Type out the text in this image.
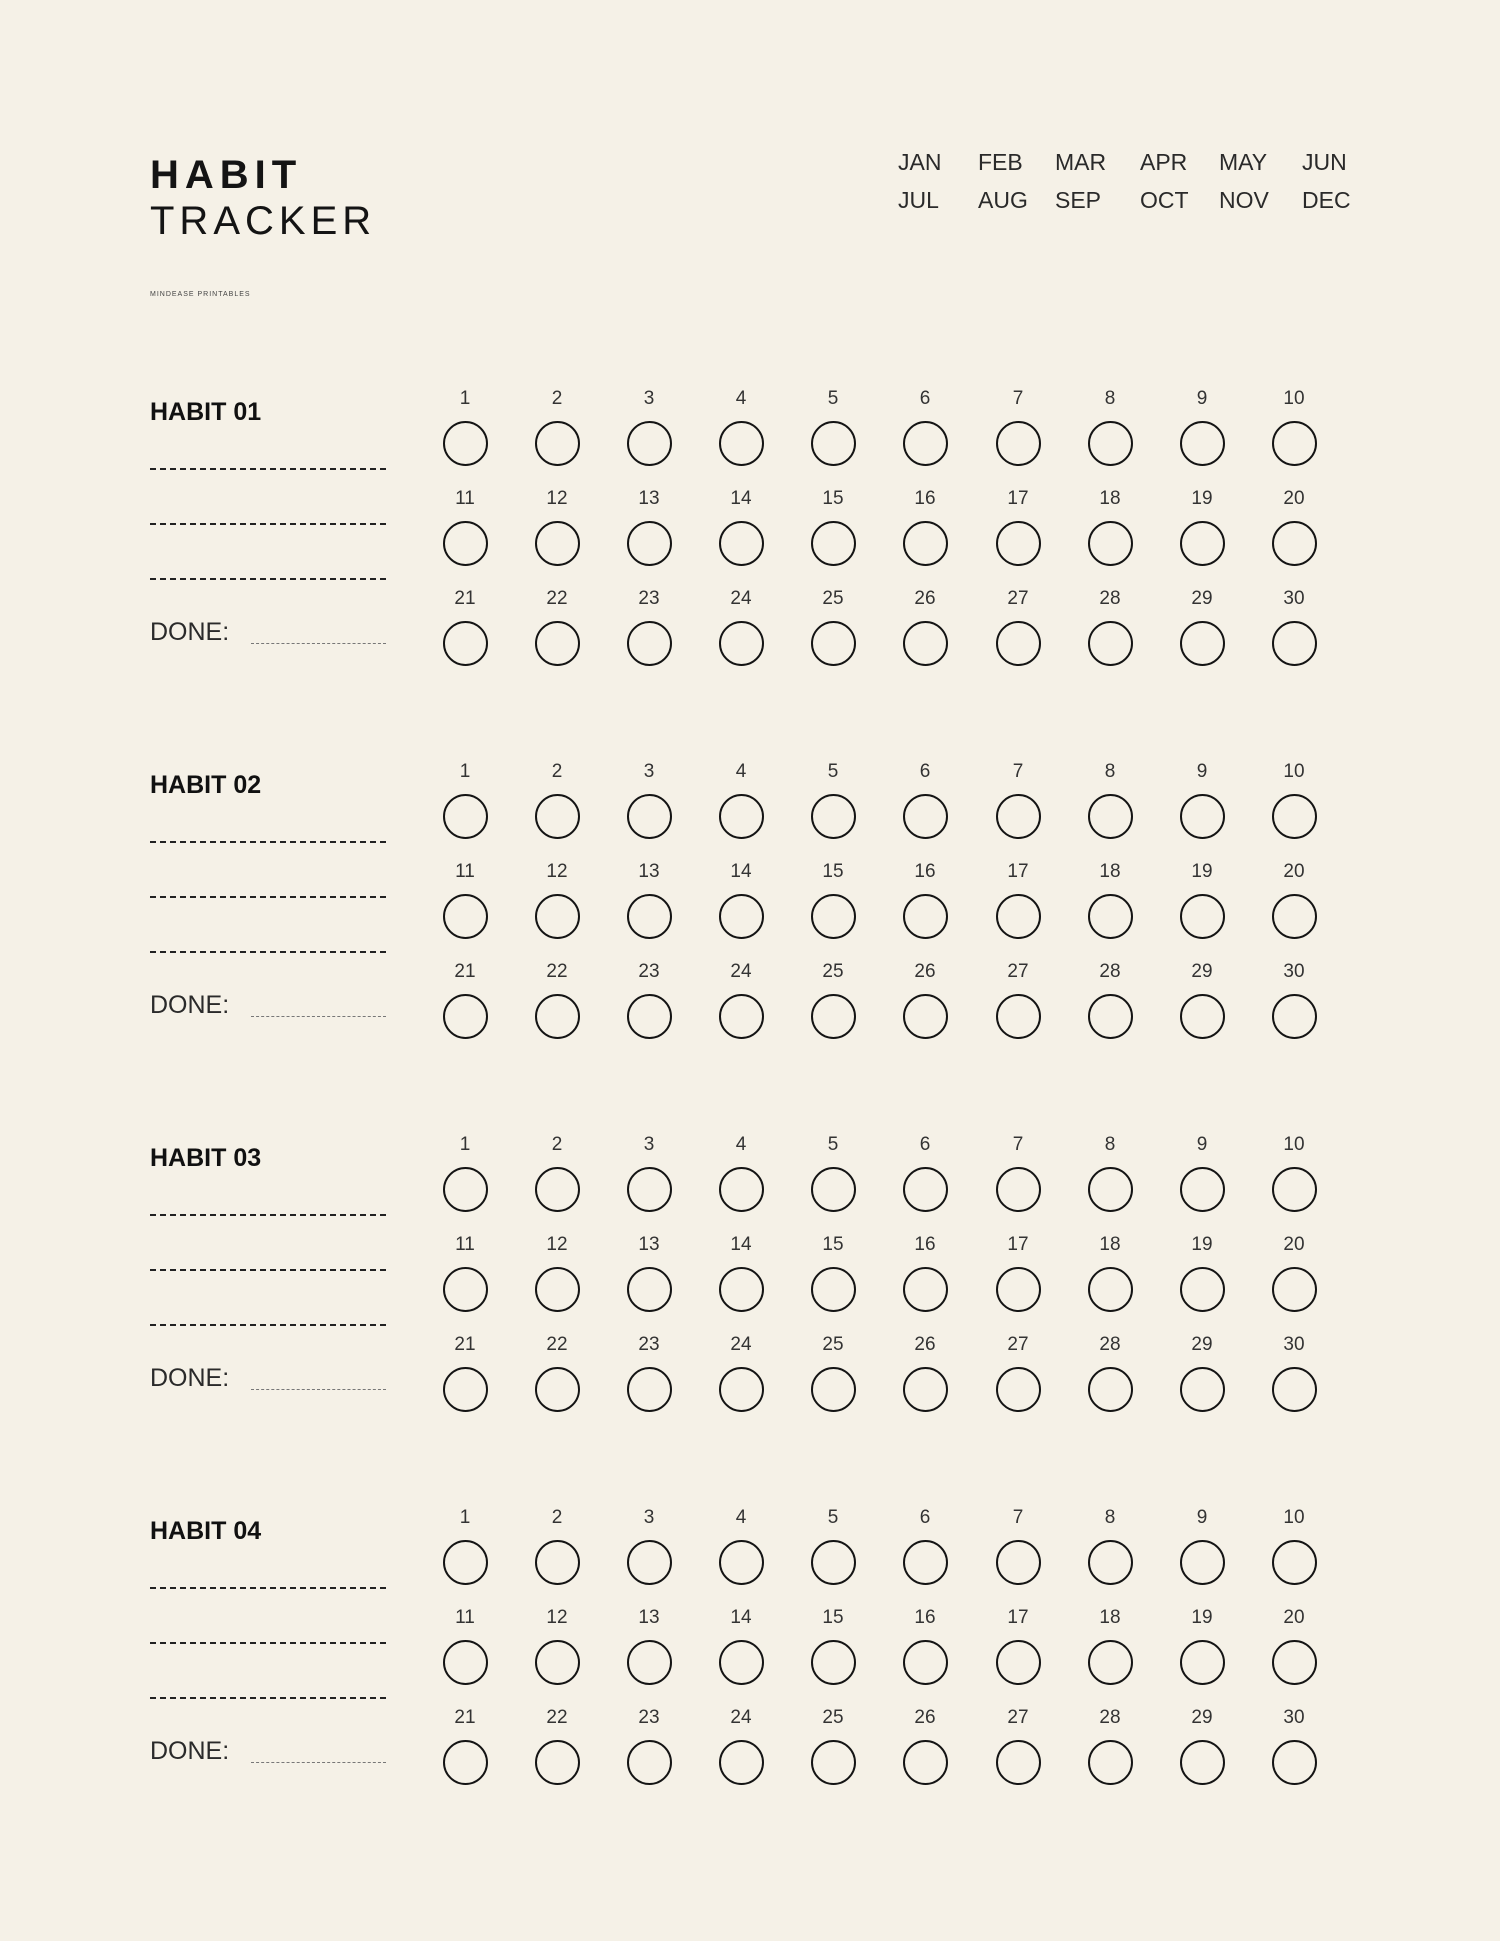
HABIT
TRACKER
MINDEASE PRINTABLES
JAN	FEB	MAR	APR	MAY	JUN
JUL	AUG	SEP	OCT	NOV	DEC
HABIT 01
DONE:
1	2	3	4	5	6	7	8	9	10
11	12	13	14	15	16	17	18	19	20
21	22	23	24	25	26	27	28	29	30
HABIT 02
DONE:
1	2	3	4	5	6	7	8	9	10
11	12	13	14	15	16	17	18	19	20
21	22	23	24	25	26	27	28	29	30
HABIT 03
DONE:
1	2	3	4	5	6	7	8	9	10
11	12	13	14	15	16	17	18	19	20
21	22	23	24	25	26	27	28	29	30
HABIT 04
DONE:
1	2	3	4	5	6	7	8	9	10
11	12	13	14	15	16	17	18	19	20
21	22	23	24	25	26	27	28	29	30
